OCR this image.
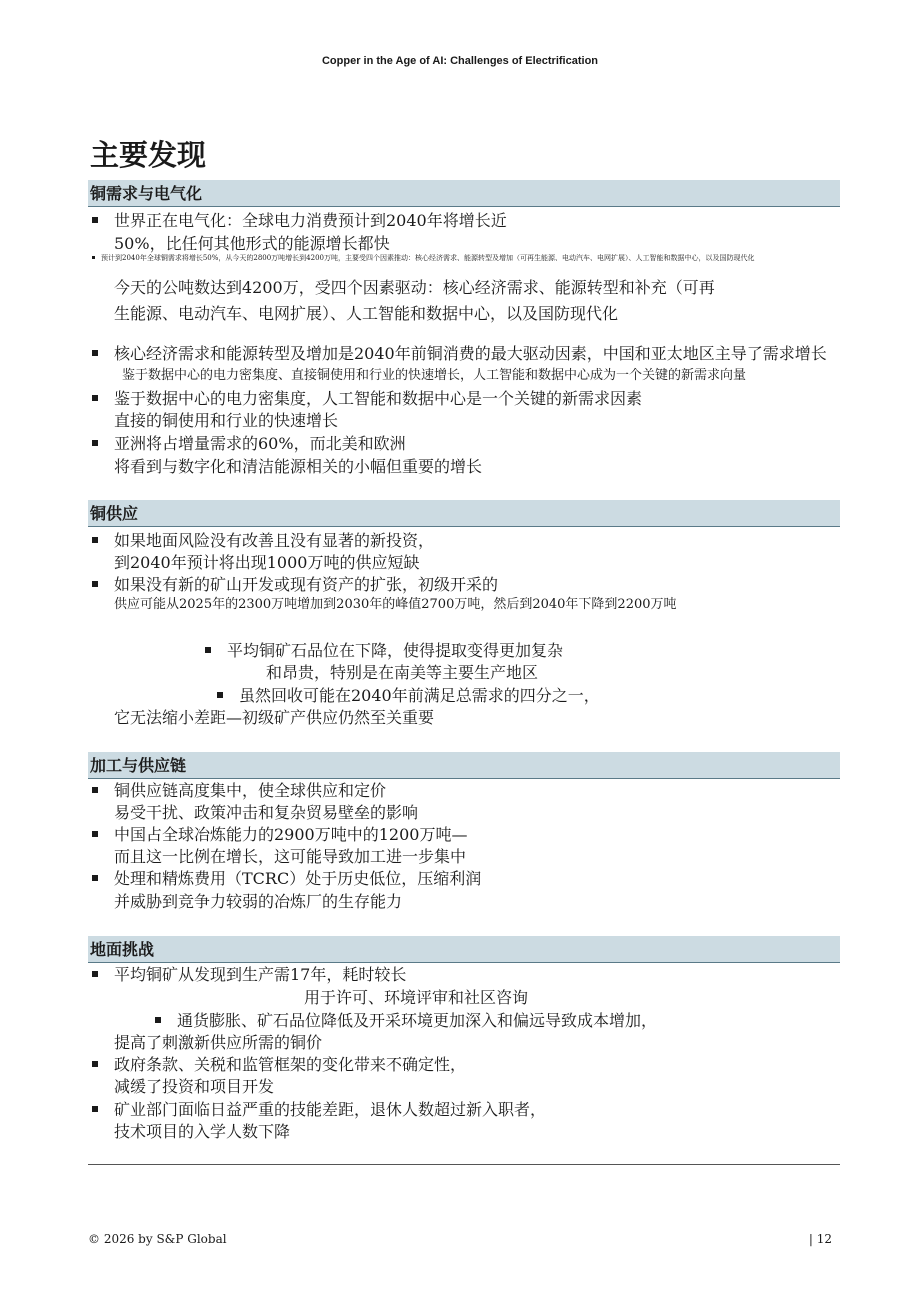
Copper in the Age of AI: Challenges of Electrification
主要发现
铜需求与电气化
世界正在电气化：全球电力消费预计到2040年将增长近
50%，比任何其他形式的能源增长都快
预计到2040年全球铜需求将增长50%，从今天的2800万吨增长到4200万吨，主要受四个因素推动：核心经济需求、能源转型及增加（可再生能源、电动汽车、电网扩展）、人工智能和数据中心，以及国防现代化
今天的公吨数达到4200万，受四个因素驱动：核心经济需求、能源转型和补充（可再
生能源、电动汽车、电网扩展）、人工智能和数据中心，以及国防现代化
核心经济需求和能源转型及增加是2040年前铜消费的最大驱动因素，中国和亚太地区主导了需求增长
鉴于数据中心的电力密集度、直接铜使用和行业的快速增长，人工智能和数据中心成为一个关键的新需求向量
鉴于数据中心的电力密集度，人工智能和数据中心是一个关键的新需求因素
直接的铜使用和行业的快速增长
亚洲将占增量需求的60%，而北美和欧洲
将看到与数字化和清洁能源相关的小幅但重要的增长
铜供应
如果地面风险没有改善且没有显著的新投资，
到2040年预计将出现1000万吨的供应短缺
如果没有新的矿山开发或现有资产的扩张，初级开采的
供应可能从2025年的2300万吨增加到2030年的峰值2700万吨，然后到2040年下降到2200万吨
平均铜矿石品位在下降，使得提取变得更加复杂
和昂贵，特别是在南美等主要生产地区
虽然回收可能在2040年前满足总需求的四分之一，
它无法缩小差距—初级矿产供应仍然至关重要
加工与供应链
铜供应链高度集中，使全球供应和定价
易受干扰、政策冲击和复杂贸易壁垒的影响
中国占全球冶炼能力的2900万吨中的1200万吨—
而且这一比例在增长，这可能导致加工进一步集中
处理和精炼费用（TCRC）处于历史低位，压缩利润
并威胁到竞争力较弱的冶炼厂的生存能力
地面挑战
平均铜矿从发现到生产需17年，耗时较长
用于许可、环境评审和社区咨询
通货膨胀、矿石品位降低及开采环境更加深入和偏远导致成本增加，
提高了刺激新供应所需的铜价
政府条款、关税和监管框架的变化带来不确定性，
减缓了投资和项目开发
矿业部门面临日益严重的技能差距，退休人数超过新入职者，
技术项目的入学人数下降
© 2026 by S&P Global	| 12
